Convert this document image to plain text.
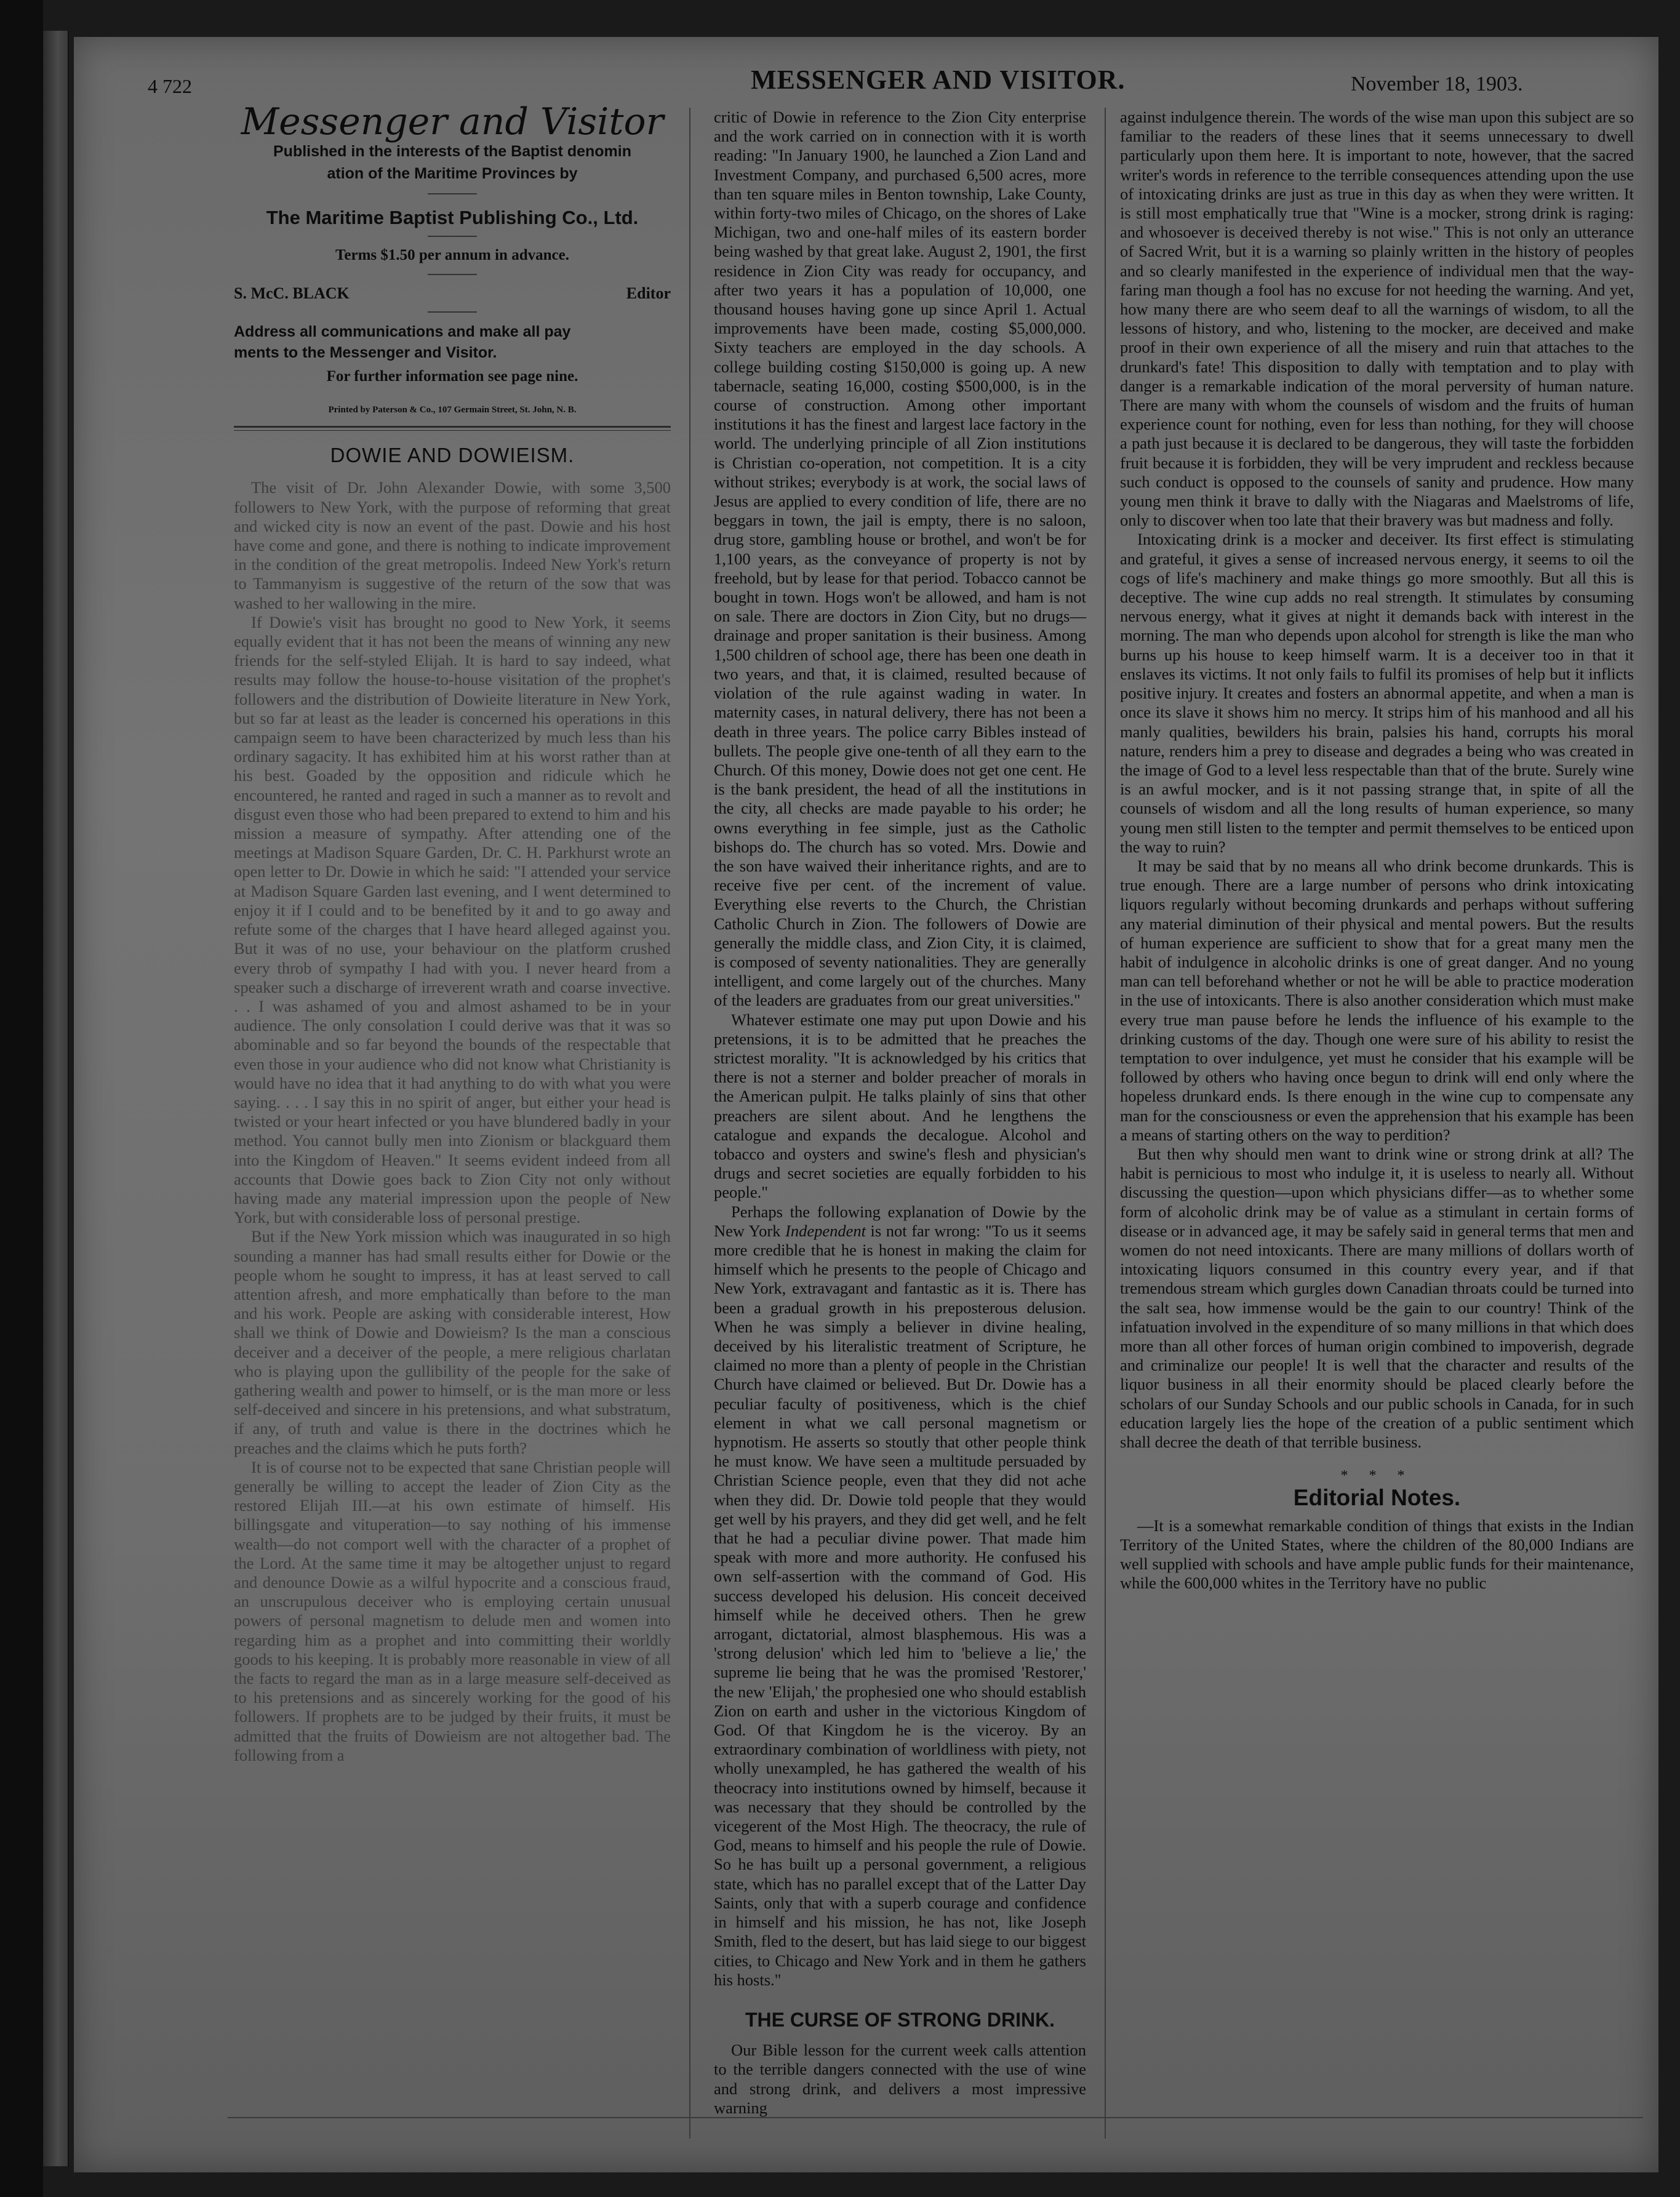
4 722	MESSENGER AND VISITOR.	November 18, 1903.
Messenger and Visitor
Published in the interests of the Baptist denomin
ation of the Maritime Provinces by
The Maritime Baptist Publishing Co., Ltd.
Terms $1.50 per annum in advance.
S. McC. BLACK	Editor
Address all communications and make all pay
ments to the Messenger and Visitor.
For further information see page nine.
Printed by Paterson & Co., 107 Germain Street, St. John, N. B.
DOWIE AND DOWIEISM.

The visit of Dr. John Alexander Dowie, with some 3,500 followers to New York, with the purpose of reforming that great and wicked city is now an event of the past. Dowie and his host have come and gone, and there is nothing to indicate improvement in the condition of the great metropolis. Indeed New York's return to Tammanyism is suggestive of the return of the sow that was washed to her wallowing in the mire.

If Dowie's visit has brought no good to New York, it seems equally evident that it has not been the means of winning any new friends for the self-styled Elijah. It is hard to say indeed, what results may follow the house-to-house visitation of the prophet's followers and the distribution of Dowieite literature in New York, but so far at least as the leader is concerned his operations in this campaign seem to have been characterized by much less than his ordinary sagacity. It has exhibited him at his worst rather than at his best. Goaded by the opposition and ridicule which he encountered, he ranted and raged in such a manner as to revolt and disgust even those who had been prepared to extend to him and his mission a measure of sympathy. After attending one of the meetings at Madison Square Garden, Dr. C. H. Parkhurst wrote an open letter to Dr. Dowie in which he said: "I attended your service at Madison Square Garden last evening, and I went determined to enjoy it if I could and to be benefited by it and to go away and refute some of the charges that I have heard alleged against you. But it was of no use, your behaviour on the platform crushed every throb of sympathy I had with you. I never heard from a speaker such a discharge of irreverent wrath and coarse invective. . . I was ashamed of you and almost ashamed to be in your audience. The only consolation I could derive was that it was so abominable and so far beyond the bounds of the respectable that even those in your audience who did not know what Christianity is would have no idea that it had anything to do with what you were saying. . . . I say this in no spirit of anger, but either your head is twisted or your heart infected or you have blundered badly in your method. You cannot bully men into Zionism or blackguard them into the Kingdom of Heaven." It seems evident indeed from all accounts that Dowie goes back to Zion City not only without having made any material impression upon the people of New York, but with considerable loss of personal prestige.

But if the New York mission which was inaugurated in so high sounding a manner has had small results either for Dowie or the people whom he sought to impress, it has at least served to call attention afresh, and more emphatically than before to the man and his work. People are asking with considerable interest, How shall we think of Dowie and Dowieism? Is the man a conscious deceiver and a deceiver of the people, a mere religious charlatan who is playing upon the gullibility of the people for the sake of gathering wealth and power to himself, or is the man more or less self-deceived and sincere in his pretensions, and what substratum, if any, of truth and value is there in the doctrines which he preaches and the claims which he puts forth?

It is of course not to be expected that sane Christian people will generally be willing to accept the leader of Zion City as the restored Elijah III.—at his own estimate of himself. His billingsgate and vituperation—to say nothing of his immense wealth—do not comport well with the character of a prophet of the Lord. At the same time it may be altogether unjust to regard and denounce Dowie as a wilful hypocrite and a conscious fraud, an unscrupulous deceiver who is employing certain unusual powers of personal magnetism to delude men and women into regarding him as a prophet and into committing their worldly goods to his keeping. It is probably more reasonable in view of all the facts to regard the man as in a large measure self-deceived as to his pretensions and as sincerely working for the good of his followers. If prophets are to be judged by their fruits, it must be admitted that the fruits of Dowieism are not altogether bad. The following from a

critic of Dowie in reference to the Zion City enterprise and the work carried on in connection with it is worth reading: "In January 1900, he launched a Zion Land and Investment Company, and purchased 6,500 acres, more than ten square miles in Benton township, Lake County, within forty-two miles of Chicago, on the shores of Lake Michigan, two and one-half miles of its eastern border being washed by that great lake. August 2, 1901, the first residence in Zion City was ready for occupancy, and after two years it has a population of 10,000, one thousand houses having gone up since April 1. Actual improvements have been made, costing $5,000,000. Sixty teachers are employed in the day schools. A college building costing $150,000 is going up. A new tabernacle, seating 16,000, costing $500,000, is in the course of construction. Among other important institutions it has the finest and largest lace factory in the world. The underlying principle of all Zion institutions is Christian co-operation, not competition. It is a city without strikes; everybody is at work, the social laws of Jesus are applied to every condition of life, there are no beggars in town, the jail is empty, there is no saloon, drug store, gambling house or brothel, and won't be for 1,100 years, as the conveyance of property is not by freehold, but by lease for that period. Tobacco cannot be bought in town. Hogs won't be allowed, and ham is not on sale. There are doctors in Zion City, but no drugs—drainage and proper sanitation is their business. Among 1,500 children of school age, there has been one death in two years, and that, it is claimed, resulted because of violation of the rule against wading in water. In maternity cases, in natural delivery, there has not been a death in three years. The police carry Bibles instead of bullets. The people give one-tenth of all they earn to the Church. Of this money, Dowie does not get one cent. He is the bank president, the head of all the institutions in the city, all checks are made payable to his order; he owns everything in fee simple, just as the Catholic bishops do. The church has so voted. Mrs. Dowie and the son have waived their inheritance rights, and are to receive five per cent. of the increment of value. Everything else reverts to the Church, the Christian Catholic Church in Zion. The followers of Dowie are generally the middle class, and Zion City, it is claimed, is composed of seventy nationalities. They are generally intelligent, and come largely out of the churches. Many of the leaders are graduates from our great universities."

Whatever estimate one may put upon Dowie and his pretensions, it is to be admitted that he preaches the strictest morality. "It is acknowledged by his critics that there is not a sterner and bolder preacher of morals in the American pulpit. He talks plainly of sins that other preachers are silent about. And he lengthens the catalogue and expands the decalogue. Alcohol and tobacco and oysters and swine's flesh and physician's drugs and secret societies are equally forbidden to his people."

Perhaps the following explanation of Dowie by the New York Independent is not far wrong: "To us it seems more credible that he is honest in making the claim for himself which he presents to the people of Chicago and New York, extravagant and fantastic as it is. There has been a gradual growth in his preposterous delusion. When he was simply a believer in divine healing, deceived by his literalistic treatment of Scripture, he claimed no more than a plenty of people in the Christian Church have claimed or believed. But Dr. Dowie has a peculiar faculty of positiveness, which is the chief element in what we call personal magnetism or hypnotism. He asserts so stoutly that other people think he must know. We have seen a multitude persuaded by Christian Science people, even that they did not ache when they did. Dr. Dowie told people that they would get well by his prayers, and they did get well, and he felt that he had a peculiar divine power. That made him speak with more and more authority. He confused his own self-assertion with the command of God. His success developed his delusion. His conceit deceived himself while he deceived others. Then he grew arrogant, dictatorial, almost blasphemous. His was a 'strong delusion' which led him to 'believe a lie,' the supreme lie being that he was the promised 'Restorer,' the new 'Elijah,' the prophesied one who should establish Zion on earth and usher in the victorious Kingdom of God. Of that Kingdom he is the viceroy. By an extraordinary combination of worldliness with piety, not wholly unexampled, he has gathered the wealth of his theocracy into institutions owned by himself, because it was necessary that they should be controlled by the vicegerent of the Most High. The theocracy, the rule of God, means to himself and his people the rule of Dowie. So he has built up a personal government, a religious state, which has no parallel except that of the Latter Day Saints, only that with a superb courage and confidence in himself and his mission, he has not, like Joseph Smith, fled to the desert, but has laid siege to our biggest cities, to Chicago and New York and in them he gathers his hosts."

THE CURSE OF STRONG DRINK.

Our Bible lesson for the current week calls attention to the terrible dangers connected with the use of wine and strong drink, and delivers a most impressive warning

against indulgence therein. The words of the wise man upon this subject are so familiar to the readers of these lines that it seems unnecessary to dwell particularly upon them here. It is important to note, however, that the sacred writer's words in reference to the terrible consequences attending upon the use of intoxicating drinks are just as true in this day as when they were written. It is still most emphatically true that "Wine is a mocker, strong drink is raging: and whosoever is deceived thereby is not wise." This is not only an utterance of Sacred Writ, but it is a warning so plainly written in the history of peoples and so clearly manifested in the experience of individual men that the way-faring man though a fool has no excuse for not heeding the warning. And yet, how many there are who seem deaf to all the warnings of wisdom, to all the lessons of history, and who, listening to the mocker, are deceived and make proof in their own experience of all the misery and ruin that attaches to the drunkard's fate! This disposition to dally with temptation and to play with danger is a remarkable indication of the moral perversity of human nature. There are many with whom the counsels of wisdom and the fruits of human experience count for nothing, even for less than nothing, for they will choose a path just because it is declared to be dangerous, they will taste the forbidden fruit because it is forbidden, they will be very imprudent and reckless because such conduct is opposed to the counsels of sanity and prudence. How many young men think it brave to dally with the Niagaras and Maelstroms of life, only to discover when too late that their bravery was but madness and folly.

Intoxicating drink is a mocker and deceiver. Its first effect is stimulating and grateful, it gives a sense of increased nervous energy, it seems to oil the cogs of life's machinery and make things go more smoothly. But all this is deceptive. The wine cup adds no real strength. It stimulates by consuming nervous energy, what it gives at night it demands back with interest in the morning. The man who depends upon alcohol for strength is like the man who burns up his house to keep himself warm. It is a deceiver too in that it enslaves its victims. It not only fails to fulfil its promises of help but it inflicts positive injury. It creates and fosters an abnormal appetite, and when a man is once its slave it shows him no mercy. It strips him of his manhood and all his manly qualities, bewilders his brain, palsies his hand, corrupts his moral nature, renders him a prey to disease and degrades a being who was created in the image of God to a level less respectable than that of the brute. Surely wine is an awful mocker, and is it not passing strange that, in spite of all the counsels of wisdom and all the long results of human experience, so many young men still listen to the tempter and permit themselves to be enticed upon the way to ruin?

It may be said that by no means all who drink become drunkards. This is true enough. There are a large number of persons who drink intoxicating liquors regularly without becoming drunkards and perhaps without suffering any material diminution of their physical and mental powers. But the results of human experience are sufficient to show that for a great many men the habit of indulgence in alcoholic drinks is one of great danger. And no young man can tell beforehand whether or not he will be able to practice moderation in the use of intoxicants. There is also another consideration which must make every true man pause before he lends the influence of his example to the drinking customs of the day. Though one were sure of his ability to resist the temptation to over indulgence, yet must he consider that his example will be followed by others who having once begun to drink will end only where the hopeless drunkard ends. Is there enough in the wine cup to compensate any man for the consciousness or even the apprehension that his example has been a means of starting others on the way to perdition?

But then why should men want to drink wine or strong drink at all? The habit is pernicious to most who indulge it, it is useless to nearly all. Without discussing the question—upon which physicians differ—as to whether some form of alcoholic drink may be of value as a stimulant in certain forms of disease or in advanced age, it may be safely said in general terms that men and women do not need intoxicants. There are many millions of dollars worth of intoxicating liquors consumed in this country every year, and if that tremendous stream which gurgles down Canadian throats could be turned into the salt sea, how immense would be the gain to our country! Think of the infatuation involved in the expenditure of so many millions in that which does more than all other forces of human origin combined to impoverish, degrade and criminalize our people! It is well that the character and results of the liquor business in all their enormity should be placed clearly before the scholars of our Sunday Schools and our public schools in Canada, for in such education largely lies the hope of the creation of a public sentiment which shall decree the death of that terrible business.

* * *
Editorial Notes.

—It is a somewhat remarkable condition of things that exists in the Indian Territory of the United States, where the children of the 80,000 Indians are well supplied with schools and have ample public funds for their maintenance, while the 600,000 whites in the Territory have no public
